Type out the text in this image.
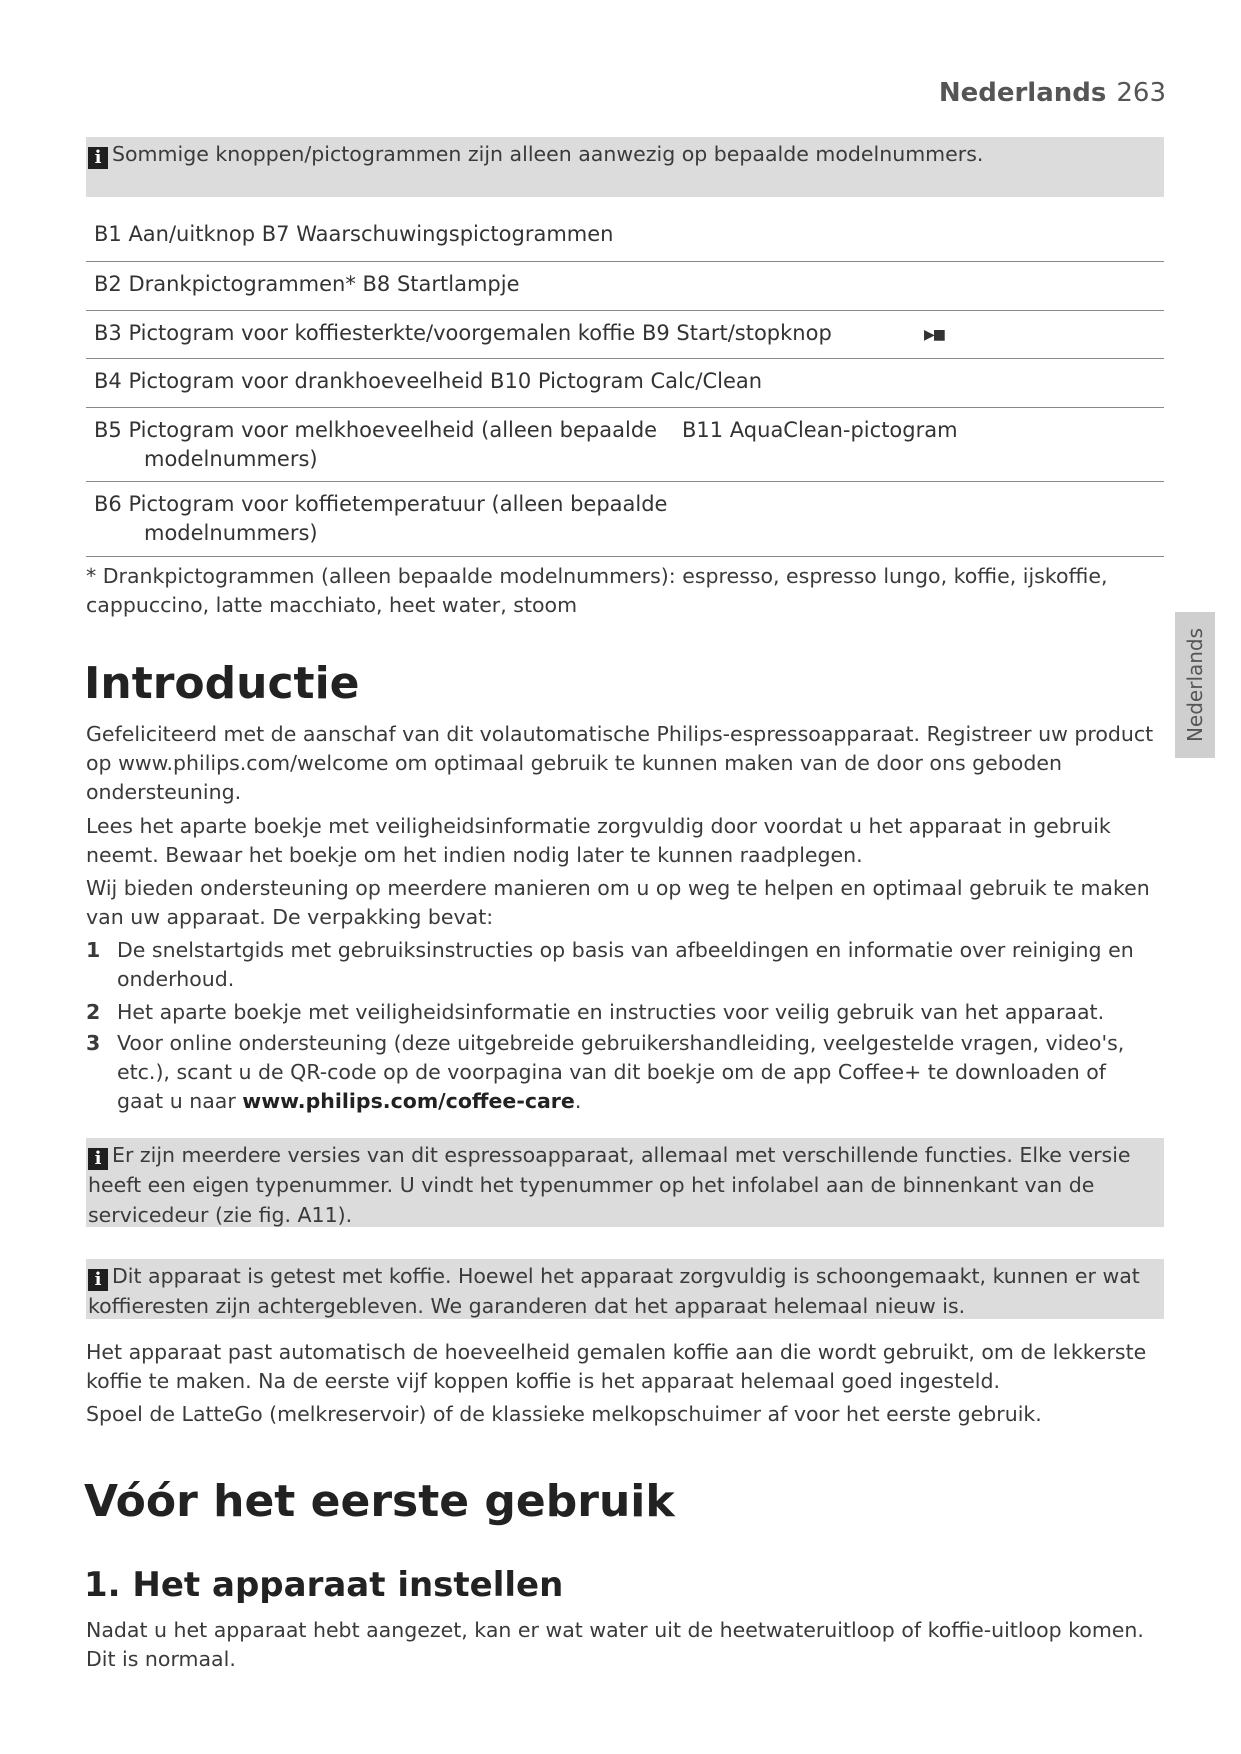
Nederlands 263
i Sommige knoppen/pictogrammen zijn alleen aanwezig op bepaalde modelnummers.
B1 Aan/uitknop B7 Waarschuwingspictogrammen
B2 Drankpictogrammen* B8 Startlampje
B3 Pictogram voor koffiesterkte/voorgemalen koffie B9 Start/stopknop	▶■
B4 Pictogram voor drankhoeveelheid B10 Pictogram Calc/Clean
B5 Pictogram voor melkhoeveelheid (alleen bepaalde
modelnummers)
B11 AquaClean-pictogram
B6 Pictogram voor koffietemperatuur (alleen bepaalde
modelnummers)
* Drankpictogrammen (alleen bepaalde modelnummers): espresso, espresso lungo, koffie, ijskoffie, cappuccino, latte macchiato, heet water, stoom
Introductie
Gefeliciteerd met de aanschaf van dit volautomatische Philips-espressoapparaat. Registreer uw product op www.philips.com/welcome om optimaal gebruik te kunnen maken van de door ons geboden ondersteuning.
Lees het aparte boekje met veiligheidsinformatie zorgvuldig door voordat u het apparaat in gebruik neemt. Bewaar het boekje om het indien nodig later te kunnen raadplegen.
Wij bieden ondersteuning op meerdere manieren om u op weg te helpen en optimaal gebruik te maken van uw apparaat. De verpakking bevat:
1 De snelstartgids met gebruiksinstructies op basis van afbeeldingen en informatie over reiniging en onderhoud.
2 Het aparte boekje met veiligheidsinformatie en instructies voor veilig gebruik van het apparaat.
3 Voor online ondersteuning (deze uitgebreide gebruikershandleiding, veelgestelde vragen, video's, etc.), scant u de QR-code op de voorpagina van dit boekje om de app Coffee+ te downloaden of gaat u naar www.philips.com/coffee-care.
i Er zijn meerdere versies van dit espressoapparaat, allemaal met verschillende functies. Elke versie heeft een eigen typenummer. U vindt het typenummer op het infolabel aan de binnenkant van de servicedeur (zie fig. A11).
i Dit apparaat is getest met koffie. Hoewel het apparaat zorgvuldig is schoongemaakt, kunnen er wat koffieresten zijn achtergebleven. We garanderen dat het apparaat helemaal nieuw is.
Het apparaat past automatisch de hoeveelheid gemalen koffie aan die wordt gebruikt, om de lekkerste koffie te maken. Na de eerste vijf koppen koffie is het apparaat helemaal goed ingesteld.
Spoel de LatteGo (melkreservoir) of de klassieke melkopschuimer af voor het eerste gebruik.
Vóór het eerste gebruik
1. Het apparaat instellen
Nadat u het apparaat hebt aangezet, kan er wat water uit de heetwateruitloop of koffie-uitloop komen. Dit is normaal.
Nederlands
